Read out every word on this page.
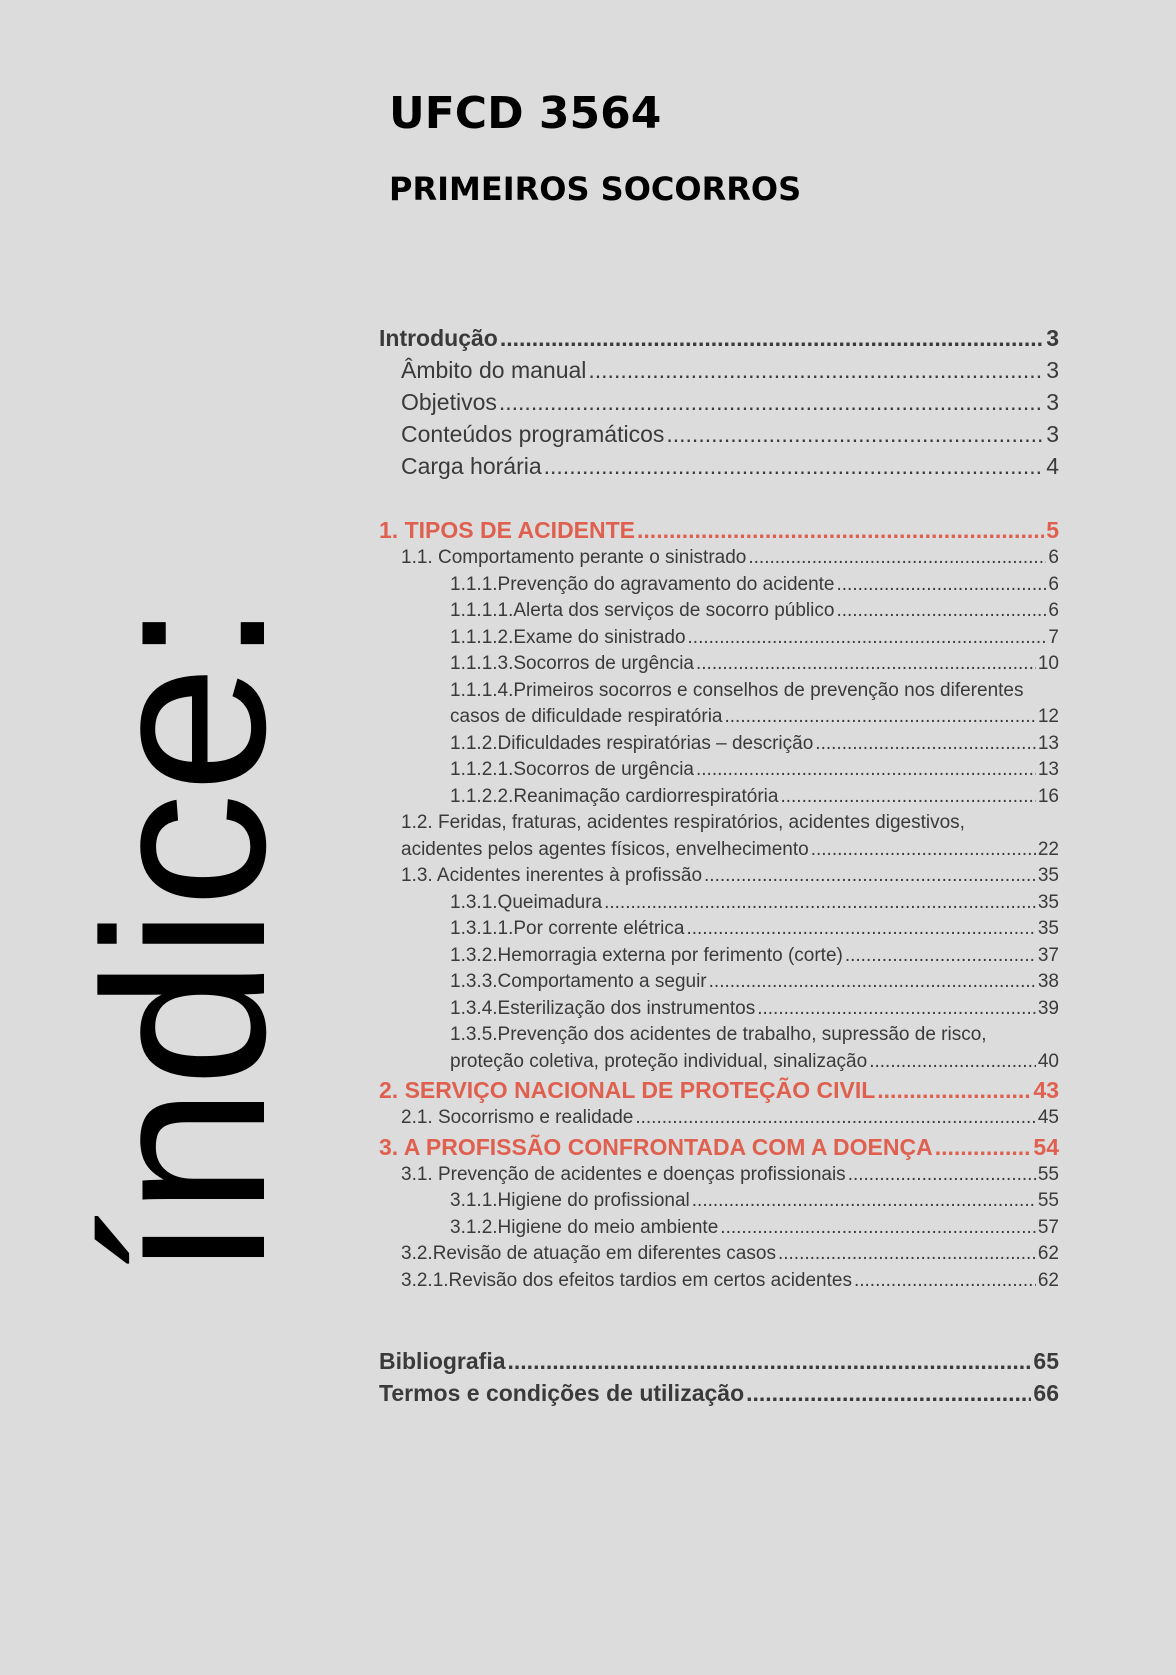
UFCD 3564
PRIMEIROS SOCORROS
índice:
Introdução .....	3
Âmbito do manual .....	3
Objetivos .....	3
Conteúdos programáticos .....	3
Carga horária .....	4
1. TIPOS DE ACIDENTE .....	5
1.1. Comportamento perante o sinistrado .....	6
1.1.1.Prevenção do agravamento do acidente .....	6
1.1.1.1.Alerta dos serviços de socorro público .....	6
1.1.1.2.Exame do sinistrado .....	7
1.1.1.3.Socorros de urgência .....	10
1.1.1.4.Primeiros socorros e conselhos de prevenção nos diferentes
casos de dificuldade respiratória .....	12
1.1.2.Dificuldades respiratórias – descrição .....	13
1.1.2.1.Socorros de urgência .....	13
1.1.2.2.Reanimação cardiorrespiratória .....	16
1.2. Feridas, fraturas, acidentes respiratórios, acidentes digestivos,
acidentes pelos agentes físicos, envelhecimento .....	22
1.3. Acidentes inerentes à profissão .....	35
1.3.1.Queimadura .....	35
1.3.1.1.Por corrente elétrica .....	35
1.3.2.Hemorragia externa por ferimento (corte) .....	37
1.3.3.Comportamento a seguir .....	38
1.3.4.Esterilização dos instrumentos .....	39
1.3.5.Prevenção dos acidentes de trabalho, supressão de risco,
proteção coletiva, proteção individual, sinalização .....	40
2. SERVIÇO NACIONAL DE PROTEÇÃO CIVIL .....	43
2.1. Socorrismo e realidade .....	45
3. A PROFISSÃO CONFRONTADA COM A DOENÇA .....	54
3.1. Prevenção de acidentes e doenças profissionais .....	55
3.1.1.Higiene do profissional .....	55
3.1.2.Higiene do meio ambiente .....	57
3.2.Revisão de atuação em diferentes casos .....	62
3.2.1.Revisão dos efeitos tardios em certos acidentes .....	62
Bibliografia .....	65
Termos e condições de utilização .....	66
